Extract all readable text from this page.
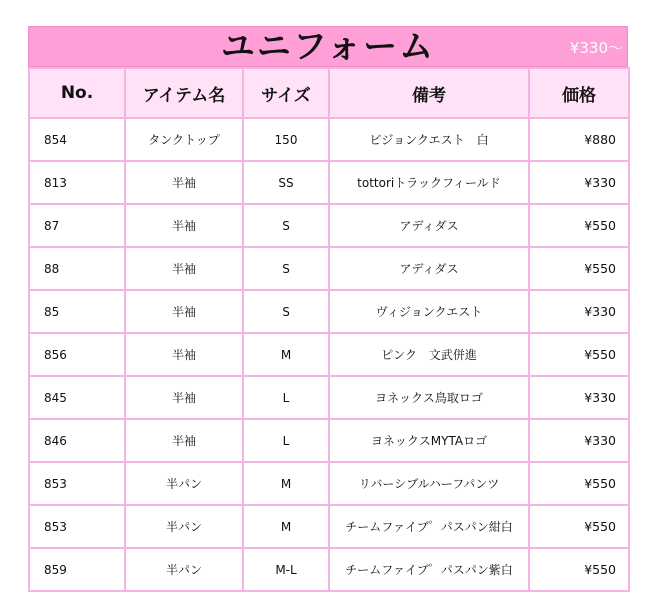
ユニフォーム	¥330〜
No.	アイテム名	サイズ	備考	価格
854	タンクトップ	150	ビジョンクエスト　白	¥880
813	半袖	SS	tottoriトラックフィールド	¥330
87	半袖	S	アディダス	¥550
88	半袖	S	アディダス	¥550
85	半袖	S	ヴィジョンクエスト	¥330
856	半袖	M	ピンク　文武併進	¥550
845	半袖	L	ヨネックス鳥取ロゴ	¥330
846	半袖	L	ヨネックスMYTAロゴ	¥330
853	半パン	M	リバーシブルハーフパンツ	¥550
853	半パン	M	チームファイブ゜パスパン紺白	¥550
859	半パン	M-L	チームファイブ゜パスパン紫白	¥550
